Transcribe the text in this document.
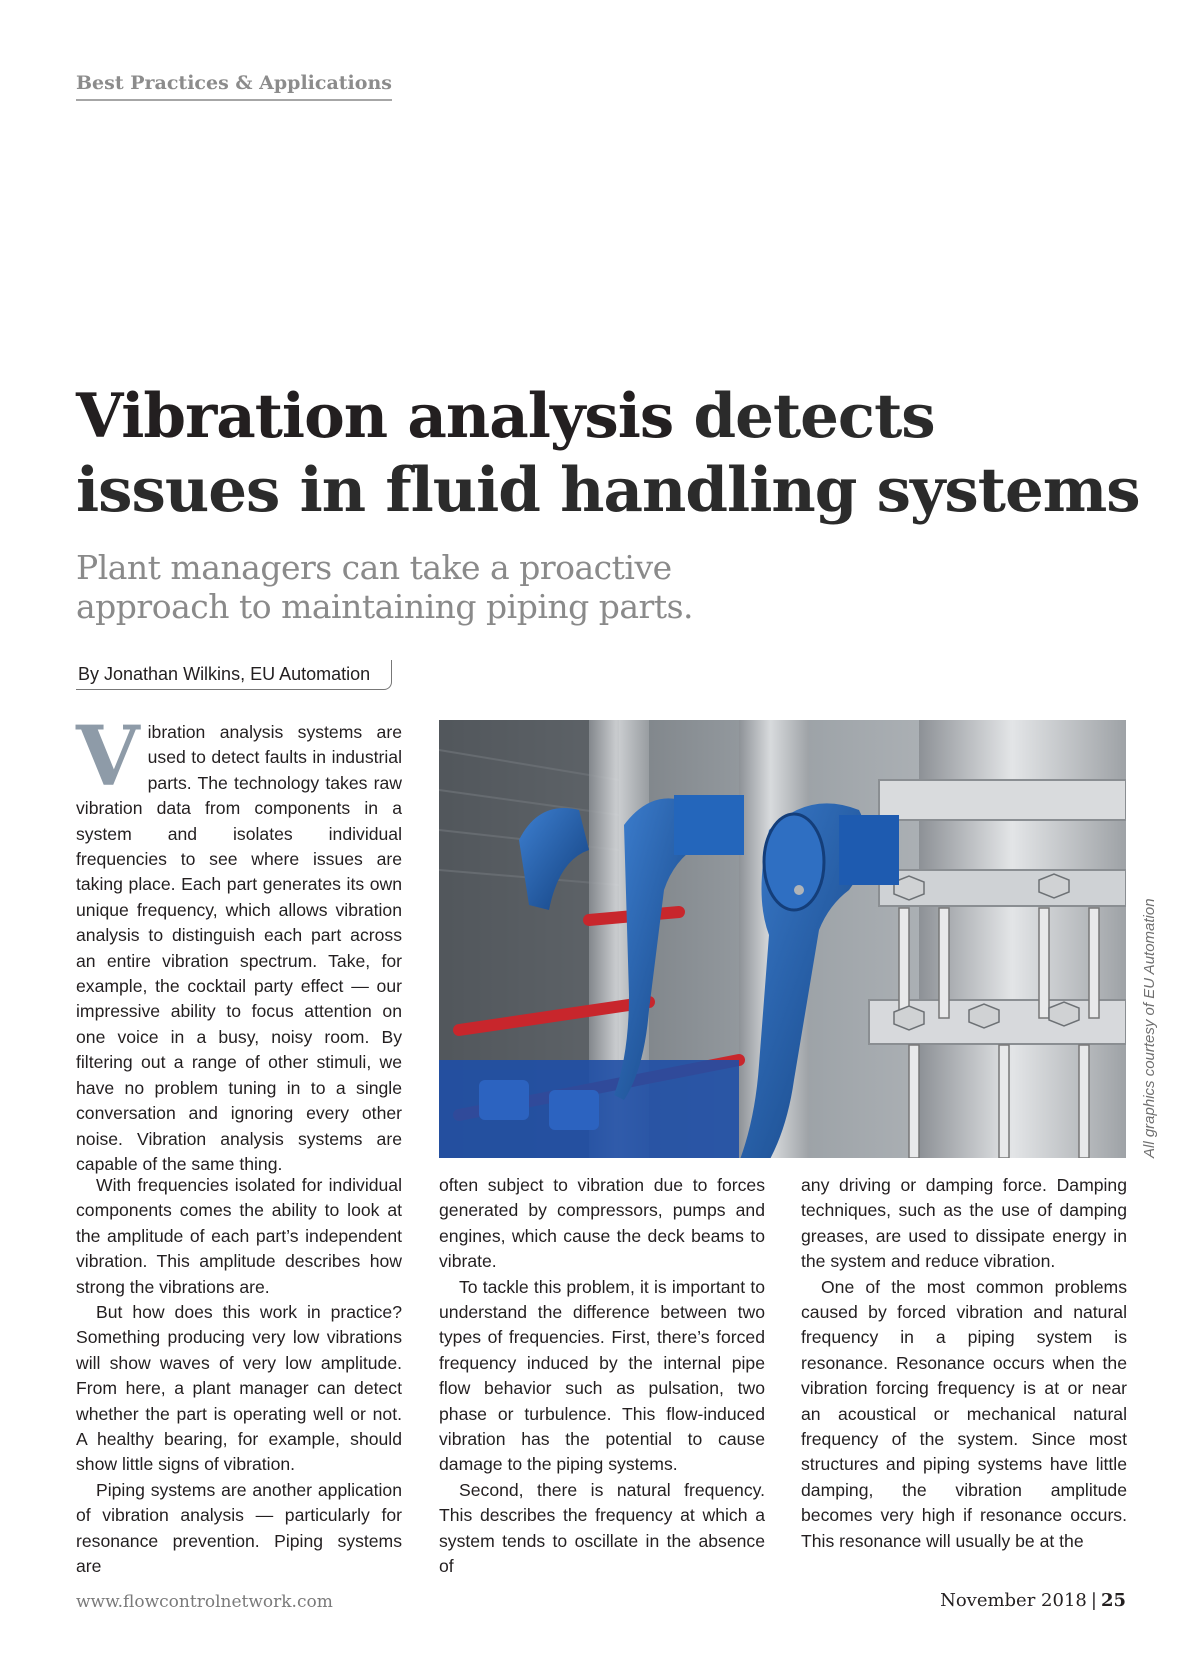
Best Practices & Applications
Vibration analysis detects issues in fluid handling systems
Plant managers can take a proactive approach to maintaining piping parts.
By Jonathan Wilkins, EU Automation

Vibration analysis systems are used to detect faults in industrial parts. The technology takes raw vibration data from components in a system and isolates individual frequencies to see where issues are taking place. Each part generates its own unique frequency, which allows vibration analysis to distinguish each part across an entire vibration spectrum. Take, for example, the cocktail party effect — our impressive ability to focus attention on one voice in a busy, noisy room. By filtering out a range of other stimuli, we have no problem tuning in to a single conversation and ignoring every other noise. Vibration analysis systems are capable of the same thing.

With frequencies isolated for individual components comes the ability to look at the amplitude of each part’s independent vibration. This amplitude describes how strong the vibrations are.

But how does this work in practice? Something producing very low vibrations will show waves of very low amplitude. From here, a plant manager can detect whether the part is operating well or not. A healthy bearing, for example, should show little signs of vibration.

Piping systems are another application of vibration analysis — particularly for resonance prevention. Piping systems are

often subject to vibration due to forces generated by compressors, pumps and engines, which cause the deck beams to vibrate.

To tackle this problem, it is important to understand the difference between two types of frequencies. First, there’s forced frequency induced by the internal pipe flow behavior such as pulsation, two phase or turbulence. This flow-induced vibration has the potential to cause damage to the piping systems.

Second, there is natural frequency. This describes the frequency at which a system tends to oscillate in the absence of

any driving or damping force. Damping techniques, such as the use of damping greases, are used to dissipate energy in the system and reduce vibration.

One of the most common problems caused by forced vibration and natural frequency in a piping system is resonance. Resonance occurs when the vibration forcing frequency is at or near an acoustical or mechanical natural frequency of the system. Since most structures and piping systems have little damping, the vibration amplitude becomes very high if resonance occurs. This resonance will usually be at the

All graphics courtesy of EU Automation
www.flowcontrolnetwork.com	November 2018 | 25
